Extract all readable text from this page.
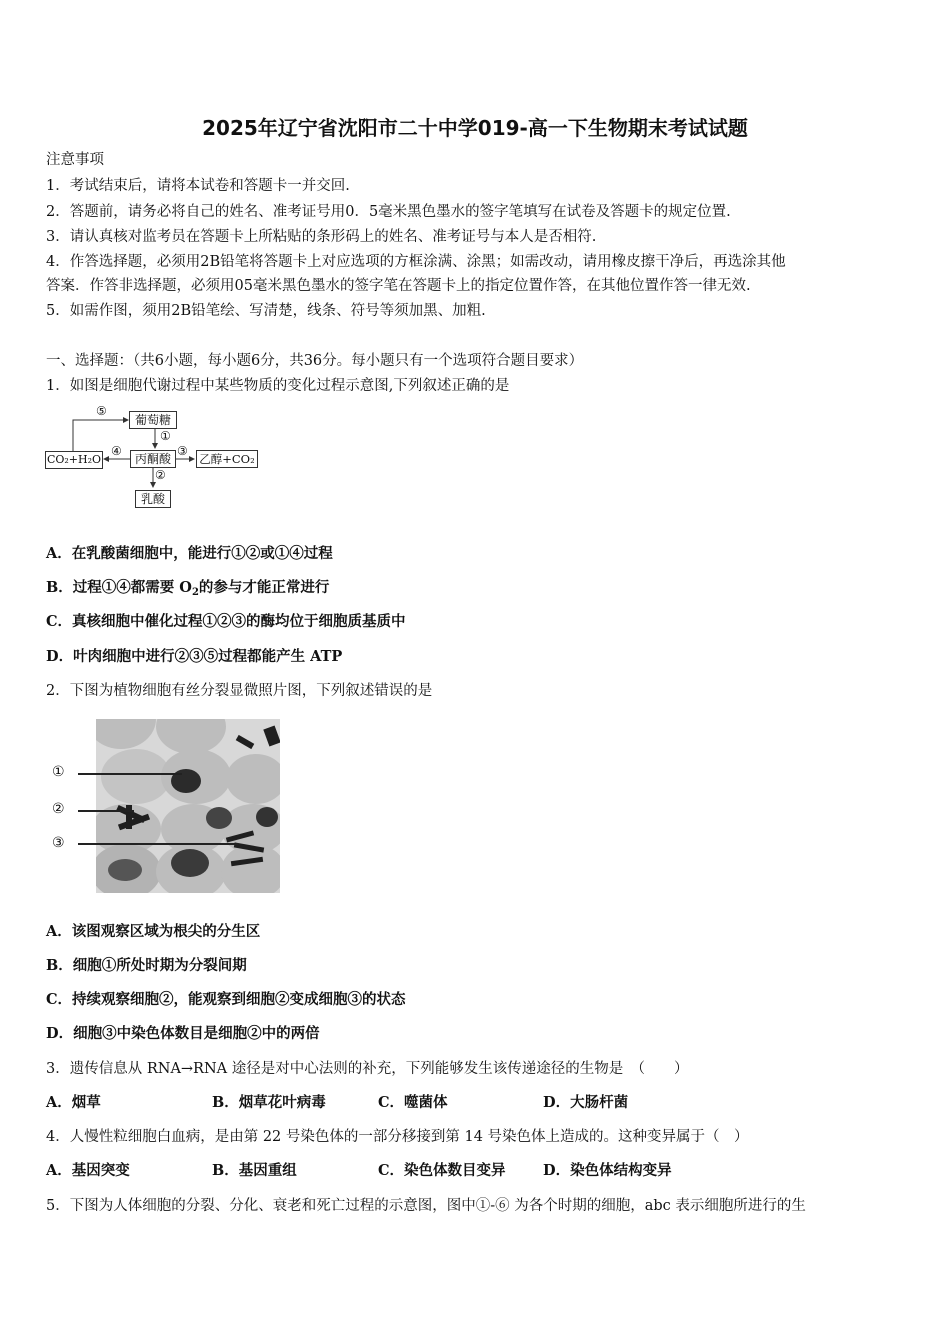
2025年辽宁省沈阳市二十中学019-高一下生物期末考试试题
注意事项
1．考试结束后，请将本试卷和答题卡一并交回.
2．答题前，请务必将自己的姓名、准考证号用0．5毫米黑色墨水的签字笔填写在试卷及答题卡的规定位置.
3．请认真核对监考员在答题卡上所粘贴的条形码上的姓名、准考证号与本人是否相符.
4．作答选择题，必须用2B铅笔将答题卡上对应选项的方框涂满、涂黑；如需改动，请用橡皮擦干净后，再选涂其他
答案．作答非选择题，必须用05毫米黑色墨水的签字笔在答题卡上的指定位置作答，在其他位置作答一律无效.
5．如需作图，须用2B铅笔绘、写清楚，线条、符号等须加黑、加粗.
一、选择题：（共6小题，每小题6分，共36分。每小题只有一个选项符合题目要求）
1．如图是细胞代谢过程中某些物质的变化过程示意图,下列叙述正确的是
葡萄糖
丙酮酸
CO₂+H₂O	乙醇+CO₂
乳酸
①
②
③
④
⑤
A．在乳酸菌细胞中，能进行①②或①④过程
B．过程①④都需要 $O_2$的参与才能正常进行
C．真核细胞中催化过程①②③的酶均位于细胞质基质中
D．叶肉细胞中进行②③⑤过程都能产生 ATP
2．下图为植物细胞有丝分裂显微照片图，下列叙述错误的是
①
②
③
A．该图观察区域为根尖的分生区
B．细胞①所处时期为分裂间期
C．持续观察细胞②，能观察到细胞②变成细胞③的状态
D．细胞③中染色体数目是细胞②中的两倍
3．遗传信息从 RNA→RNA 途径是对中心法则的补充，下列能够发生该传递途径的生物是　（　　）
A．烟草	B．烟草花叶病毒	C．噬菌体	D．大肠杆菌
4．人慢性粒细胞白血病，是由第 22 号染色体的一部分移接到第 14 号染色体上造成的。这种变异属于（　）
A．基因突变	B．基因重组	C．染色体数目变异	D．染色体结构变异
5．下图为人体细胞的分裂、分化、衰老和死亡过程的示意图，图中①-⑥ 为各个时期的细胞，abc 表示细胞所进行的生
